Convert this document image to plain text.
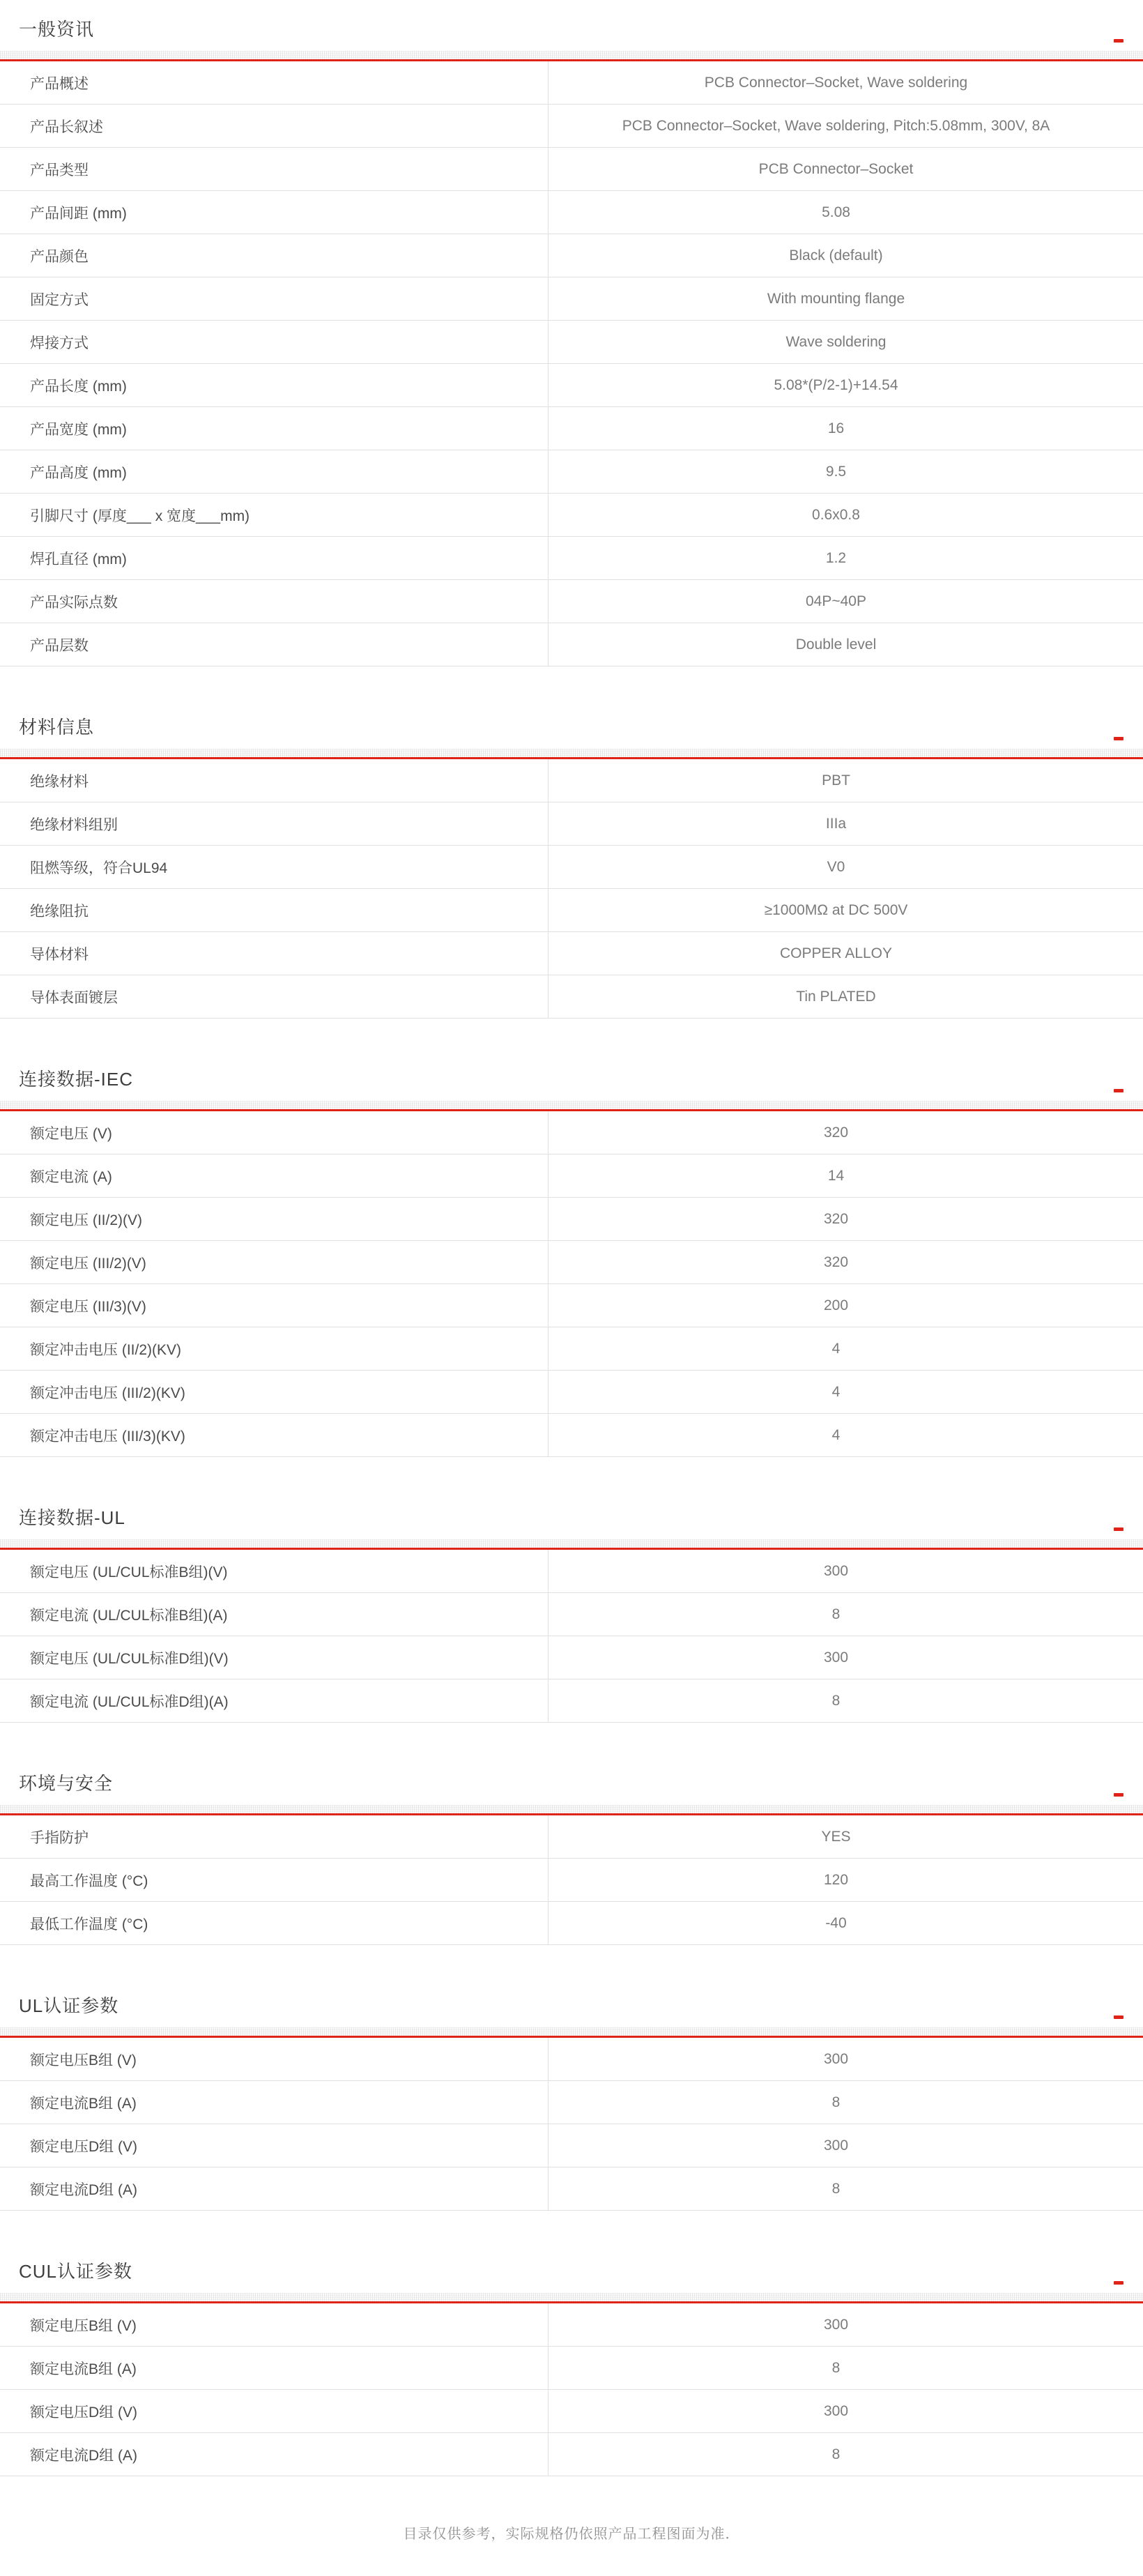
一般资讯
产品概述	PCB Connector–Socket, Wave soldering
产品长叙述	PCB Connector–Socket, Wave soldering, Pitch:5.08mm, 300V, 8A
产品类型	PCB Connector–Socket
产品间距 (mm)	5.08
产品颜色	Black (default)
固定方式	With mounting flange
焊接方式	Wave soldering
产品长度 (mm)	5.08*(P/2-1)+14.54
产品宽度 (mm)	16
产品高度 (mm)	9.5
引脚尺寸 (厚度___ x 宽度___mm)	0.6x0.8
焊孔直径 (mm)	1.2
产品实际点数	04P~40P
产品层数	Double level
材料信息
绝缘材料	PBT
绝缘材料组别	IIIa
阻燃等级，符合UL94	V0
绝缘阻抗	≥1000MΩ at DC 500V
导体材料	COPPER ALLOY
导体表面镀层	Tin PLATED
连接数据-IEC
额定电压 (V)	320
额定电流 (A)	14
额定电压 (II/2)(V)	320
额定电压 (III/2)(V)	320
额定电压 (III/3)(V)	200
额定冲击电压 (II/2)(KV)	4
额定冲击电压 (III/2)(KV)	4
额定冲击电压 (III/3)(KV)	4
连接数据-UL
额定电压 (UL/CUL标准B组)(V)	300
额定电流 (UL/CUL标准B组)(A)	8
额定电压 (UL/CUL标准D组)(V)	300
额定电流 (UL/CUL标准D组)(A)	8
环境与安全
手指防护	YES
最高工作温度 (°C)	120
最低工作温度 (°C)	-40
UL认证参数
额定电压B组 (V)	300
额定电流B组 (A)	8
额定电压D组 (V)	300
额定电流D组 (A)	8
CUL认证参数
额定电压B组 (V)	300
额定电流B组 (A)	8
额定电压D组 (V)	300
额定电流D组 (A)	8

目录仅供参考，实际规格仍依照产品工程图面为准．
